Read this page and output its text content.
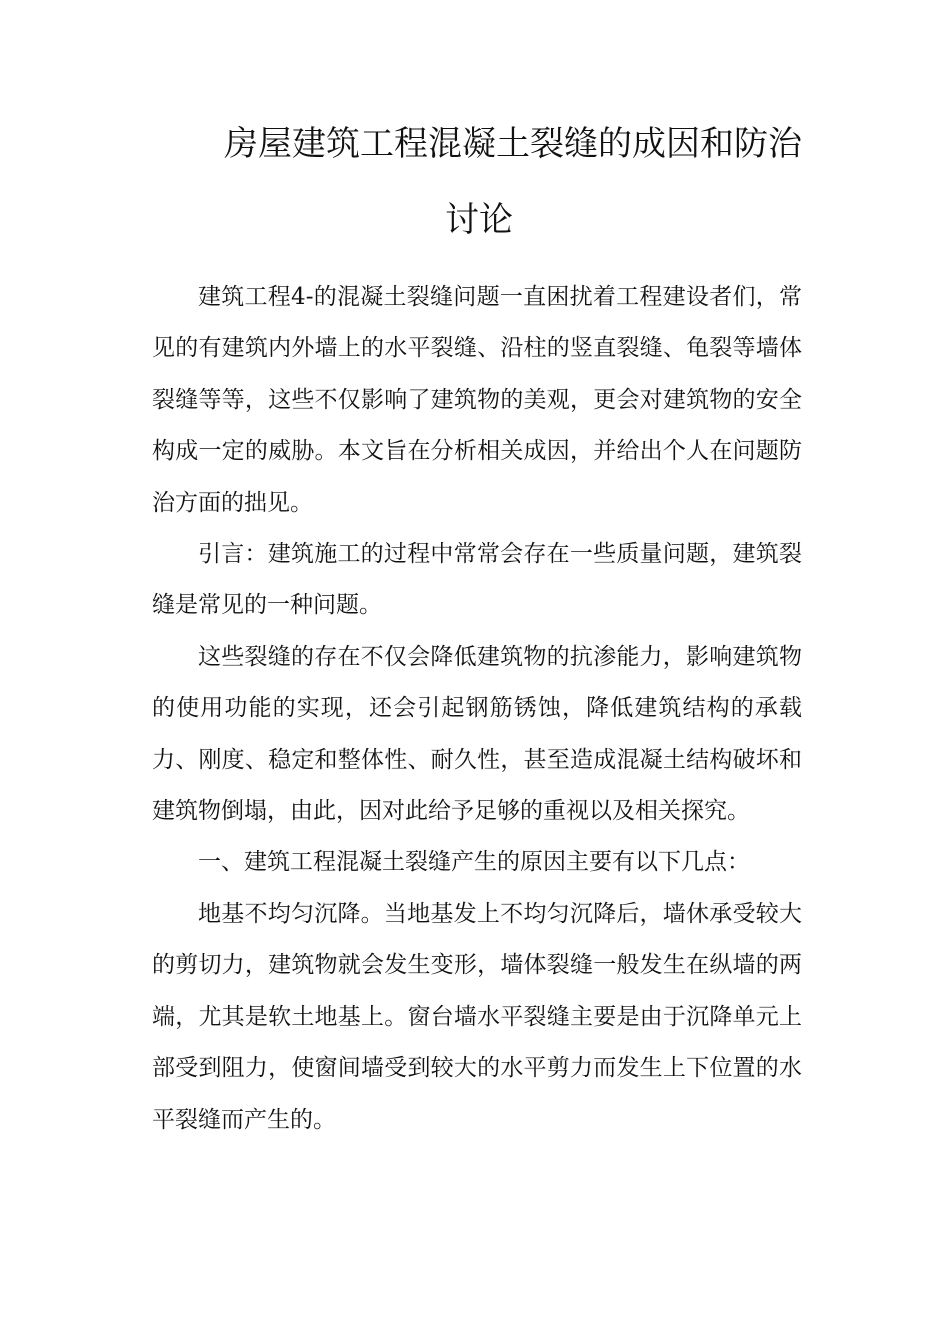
房屋建筑工程混凝土裂缝的成因和防治
讨论

建筑工程4-的混凝土裂缝问题一直困扰着工程建设者们，常见的有建筑内外墙上的水平裂缝、沿柱的竖直裂缝、龟裂等墙体裂缝等等，这些不仅影响了建筑物的美观，更会对建筑物的安全构成一定的威胁。本文旨在分析相关成因，并给出个人在问题防治方面的拙见。

引言：建筑施工的过程中常常会存在一些质量问题，建筑裂缝是常见的一种问题。

这些裂缝的存在不仅会降低建筑物的抗渗能力，影响建筑物的使用功能的实现，还会引起钢筋锈蚀，降低建筑结构的承载力、刚度、稳定和整体性、耐久性，甚至造成混凝土结构破坏和建筑物倒塌，由此，因对此给予足够的重视以及相关探究。

一、建筑工程混凝土裂缝产生的原因主要有以下几点：

地基不均匀沉降。当地基发上不均匀沉降后，墙休承受较大的剪切力，建筑物就会发生变形，墙体裂缝一般发生在纵墙的两端，尤其是软土地基上。窗台墙水平裂缝主要是由于沉降单元上部受到阻力，使窗间墙受到较大的水平剪力而发生上下位置的水平裂缝而产生的。
